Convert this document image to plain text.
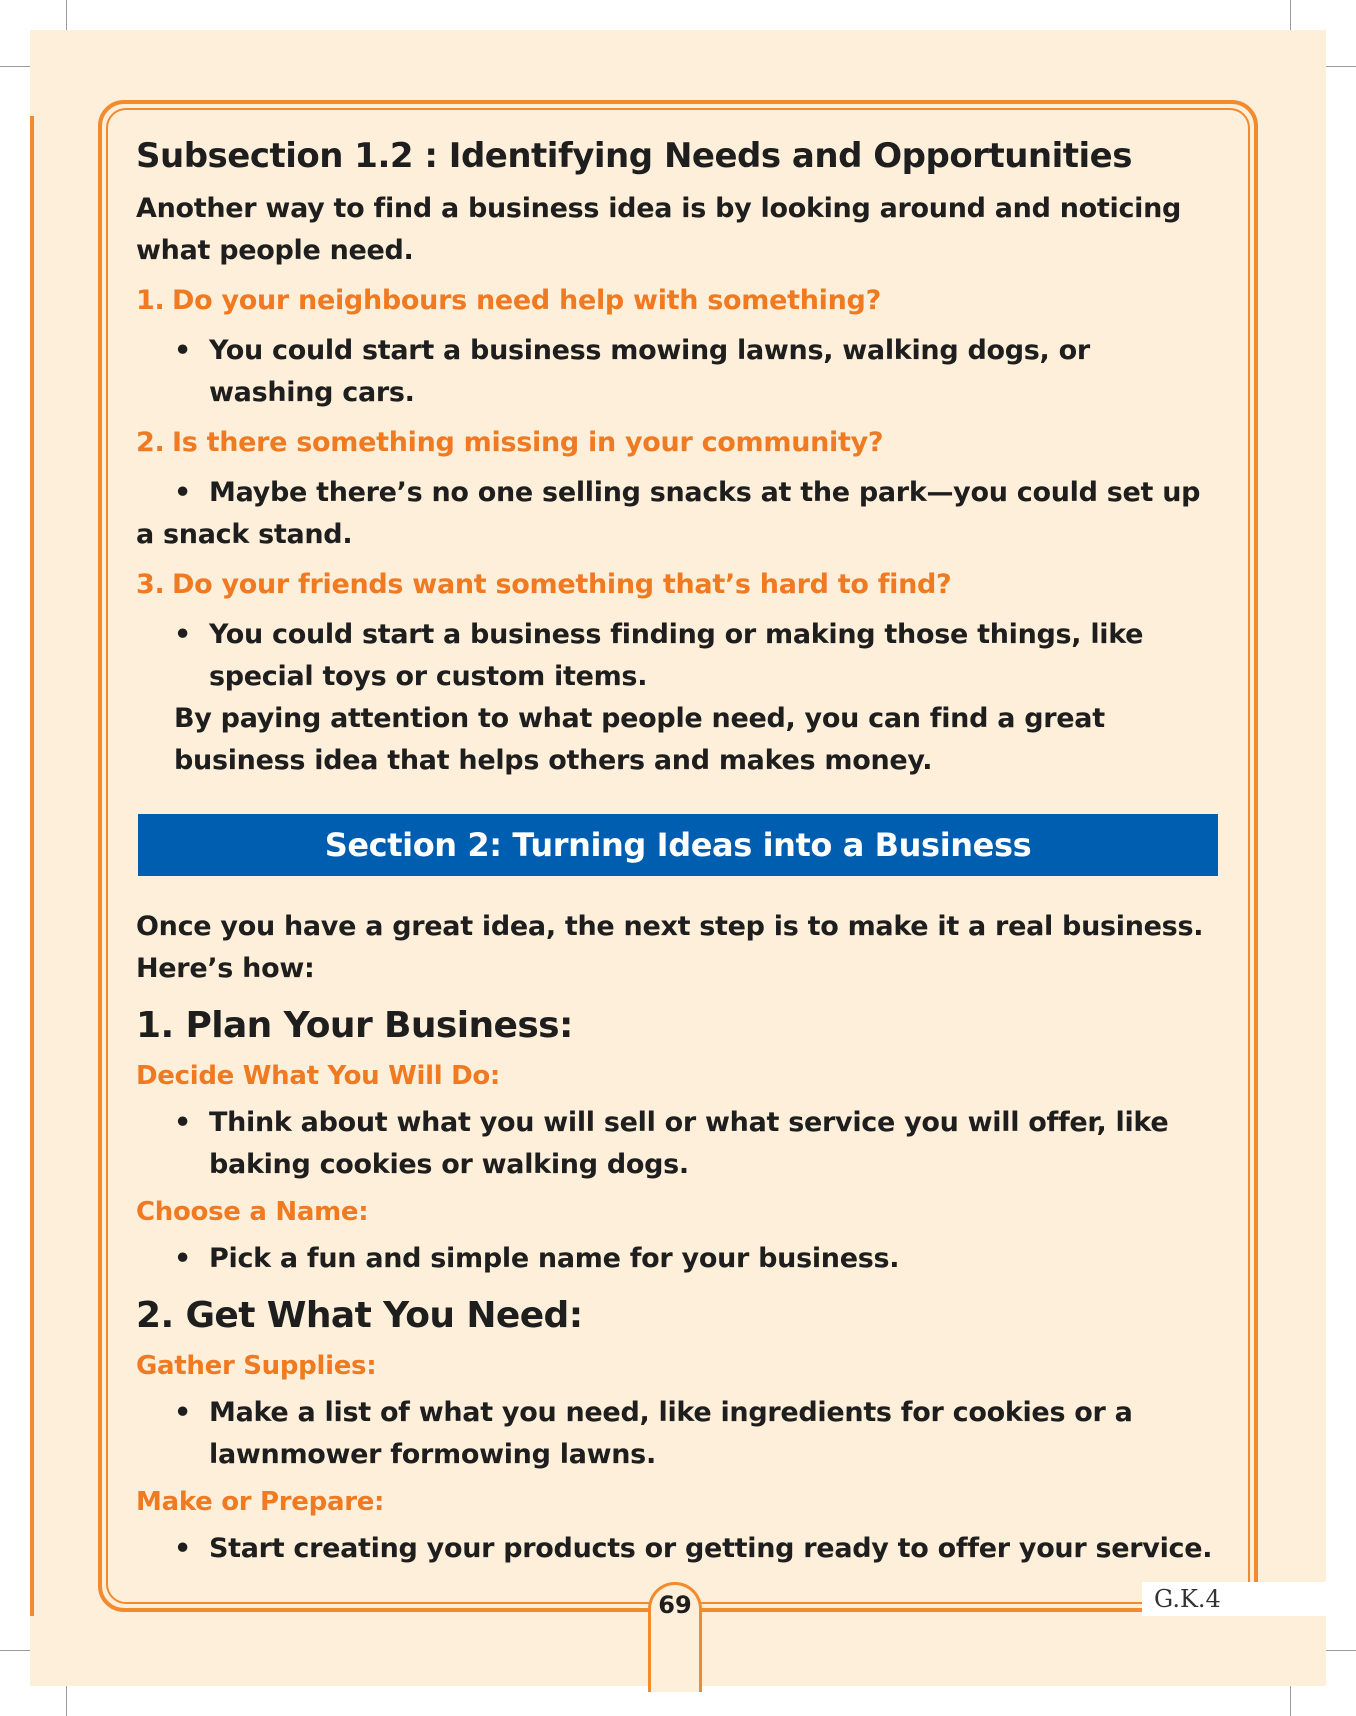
Subsection 1.2 : Identifying Needs and Opportunities

Another way to find a business idea is by looking around and noticing what people need.

1. Do your neighbours need help with something?

• You could start a business mowing lawns, walking dogs, or washing cars.

2. Is there something missing in your community?

• Maybe there’s no one selling snacks at the park—you could set up a snack stand.

3. Do your friends want something that’s hard to find?

• You could start a business finding or making those things, like special toys or custom items.

By paying attention to what people need, you can find a great business idea that helps others and makes money.

Section 2: Turning Ideas into a Business

Once you have a great idea, the next step is to make it a real business. Here’s how:

1. Plan Your Business:
Decide What You Will Do:

• Think about what you will sell or what service you will offer, like baking cookies or walking dogs.

Choose a Name:

• Pick a fun and simple name for your business.

2. Get What You Need:
Gather Supplies:

• Make a list of what you need, like ingredients for cookies or a lawnmower formowing lawns.

Make or Prepare:

• Start creating your products or getting ready to offer your service.

69	G.K.4
